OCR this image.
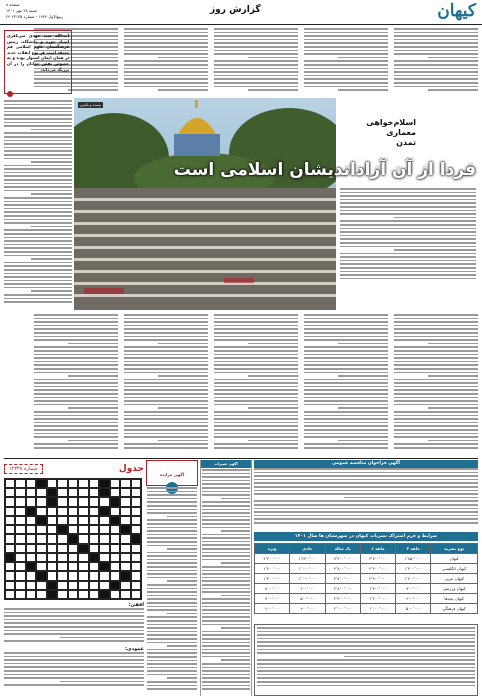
کیهان
گزارش روز
صفحه ۸
شنبه ۲۸ مهر ۱۴۰۱
۲۴ ربیع‌الاول ۱۴۴۴ - شماره ۲۳۱۳۵
بیست و یکمین
اسلام‌خواهی
معماری
تمدن
فردا از آن آزاداندیشان اسلامی است
آیت‌الله سید مهدی میرباقری استاد حوزه و دانشگاه، رییس فرهنگستان علوم اسلامی قم معتقد است هر نوع انقلاب جدید بر همان ایمان استوار بوده و به خصوص نقش جوانان را در آن پررنگ می‌داند.
آگهی فراخوان مناقصه عمومی
شرایط و فرم اشتراک نشریات کیهان در شهرستان ها سال ۱۴۰۱
ویژه	عادی	یک ساله	۶ ماهه	۳ ماهه	نوع نشریه
۲٬۲۰۰٬۰۰۰	۱٬۶۳۰٬۰۰۰	۷٬۴۰۰٬۰۰۰	۳٬۷۰۰٬۰۰۰	۱٬۸۵۰٬۰۰۰	کیهان
۱٬۴۰۰٬۰۰۰	۱٬۰۰۰٬۰۰۰	۴٬۸۰۰٬۰۰۰	۲٬۴۰۰٬۰۰۰	۱٬۲۰۰٬۰۰۰	کیهان انگلیسی
۱٬۴۰۰٬۰۰۰	۱٬۰۰۰٬۰۰۰	۴٬۸۰۰٬۰۰۰	۲٬۴۰۰٬۰۰۰	۱٬۲۰۰٬۰۰۰	کیهان عربی
۸۰۰٬۰۰۰	۶۰۰٬۰۰۰	۲٬۸۰۰٬۰۰۰	۱٬۴۰۰٬۰۰۰	۷۰۰٬۰۰۰	کیهان ورزشی
۷۰۰٬۰۰۰	۵۰۰٬۰۰۰	۲٬۴۰۰٬۰۰۰	۱٬۲۰۰٬۰۰۰	۶۰۰٬۰۰۰	کیهان بچه‌ها
۶۰۰٬۰۰۰	۴۰۰٬۰۰۰	۲٬۰۰۰٬۰۰۰	۱٬۰۰۰٬۰۰۰	۵۰۰٬۰۰۰	کیهان فرهنگی
آگهی تغییرات
آگهی مزایده
جدول
شماره ۱۲۳۳۸
افقی:
عمودی:
